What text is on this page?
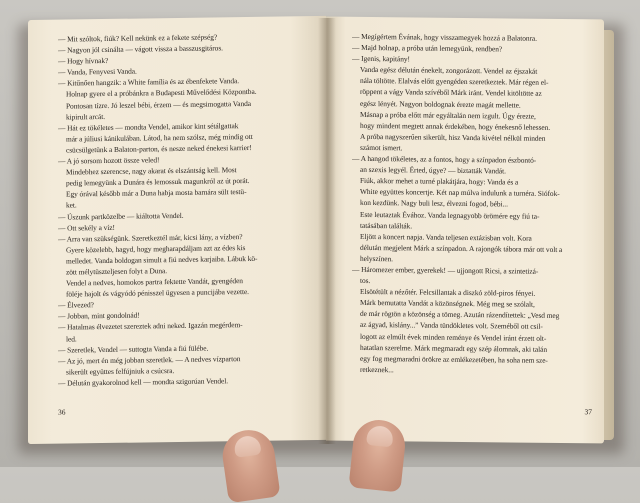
— Mit szóltok, fiúk? Kell nekünk ez a fekete szépség?
— Nagyon jól csinálta — vágott vissza a basszusgitáros.
— Hogy hívnak?
— Vanda, Fenyvesi Vanda.
— Kitűnően hangzik: a White família és az ébenfekete Vanda.
Holnap gyere el a próbánkra a Budapesti Művelődési Központba.
Pontosan tízre. Jó leszel bébi, érzem — és megsimogatta Vanda
kipirult arcát.
— Hát ez tökéletes — mondta Vendel, amikor kint sétálgattak
már a júliusi kánikulában. Látod, ha nem szólsz, még mindig ott
csücsülgetünk a Balaton-parton, és nesze neked énekesi karrier!
— A jó sorsom hozott össze veled!
Mindebhez szerencse, nagy akarat és elszántság kell. Most
pedig lemegyünk a Dunára és lemossuk magunkról az út porát.
Egy órával később már a Duna habja mosta barnára sült testü-
ket.
— Úszunk partközelbe — kiáltotta Vendel.
— Ott sekély a víz!
— Arra van szükségünk. Szeretkeztél már, kicsi lány, a vízben?
Gyere közelebb, hagyd, hogy megharapdáljam azt az édes kis
melledet. Vanda boldogan simult a fiú nedves karjaiba. Lábuk kö-
zött mélytüszteljesen folyt a Duna.
Vendel a nedves, homokos partra fektette Vandát, gyengéden
föléje hajolt és vágyódó pénisszel ügyesen a puncijába vezette.
— Élvezed?
— Jobban, mint gondolnád!
— Hatalmas élvezetet szereztek adni neked. Igazán megérdem-
led.
— Szeretlek, Vendel — suttogta Vanda a fiú fülébe.
— Az jó, mert én még jobban szeretlek. — A nedves vízparton
sikerült együttes felfújniuk a csúcsra.
— Délután gyakorolnod kell — mondta szigorúan Vendel.
36
— Megígértem Évának, hogy visszamegyek hozzá a Balatonra.
— Majd holnap, a próba után lemegyünk, rendben?
— Igenis, kapitány!
Vanda egész délután énekelt, zongorázott. Vendel az éjszakát
nála töltötte. Elalvás előtt gyengéden szeretkeztek. Már régen el-
röppent a vágy Vanda szívéből Márk iránt. Vendel kitöltötte az
egész lényét. Nagyon boldognak érezte magát mellette.
Másnap a próba előtt már egyáltalán nem izgult. Úgy érezte,
hogy mindent megtett annak érdekében, hogy énekesnő lehessen.
A próba nagyszerűen sikerült, hisz Vanda kivétel nélkül minden
számot ismert.
— A hangod tökéletes, az a fontos, hogy a színpadon észbontó-
an szexis legyél. Érted, úgye? — biztatták Vandát.
Fiúk, akkor mehet a turné plakátjára, hogy: Vanda és a
White együttes koncertje. Két nap múlva indulunk a turnéra. Siófok-
kon kezdünk. Nagy buli lesz, élvezni fogod, bébi...
Este leutaztak Évához. Vanda legnagyobb örömére egy fiú ta-
tatásában találták.
Eljött a koncert napja. Vanda teljesen extázisban volt. Kora
délután megjelent Márk a színpadon. A rajongók tábora már ott volt a
helyszínen.
— Háromezer ember, gyerekek! — ujjongott Ricsi, a szintetizá-
tos.
Elsötétült a nézőtér. Felcsillantak a diszkó zöld-piros fényei.
Márk bemutatta Vandát a közönségnek. Még meg se szólalt,
de már rögtön a közönség a tömeg. Azután rázendítettek: „Vesd meg
az ágyad, kislány...” Vanda tündökletes volt. Szeméből ott csil-
logott az elmúlt évek minden reménye és Vendel iránt érzett olt-
hatatlan szerelme. Márk megmaradt egy szép álomnak, aki talán
egy fog megmaradni örökre az emlékezetében, ha soha nem sze-
retkeznek...
37
